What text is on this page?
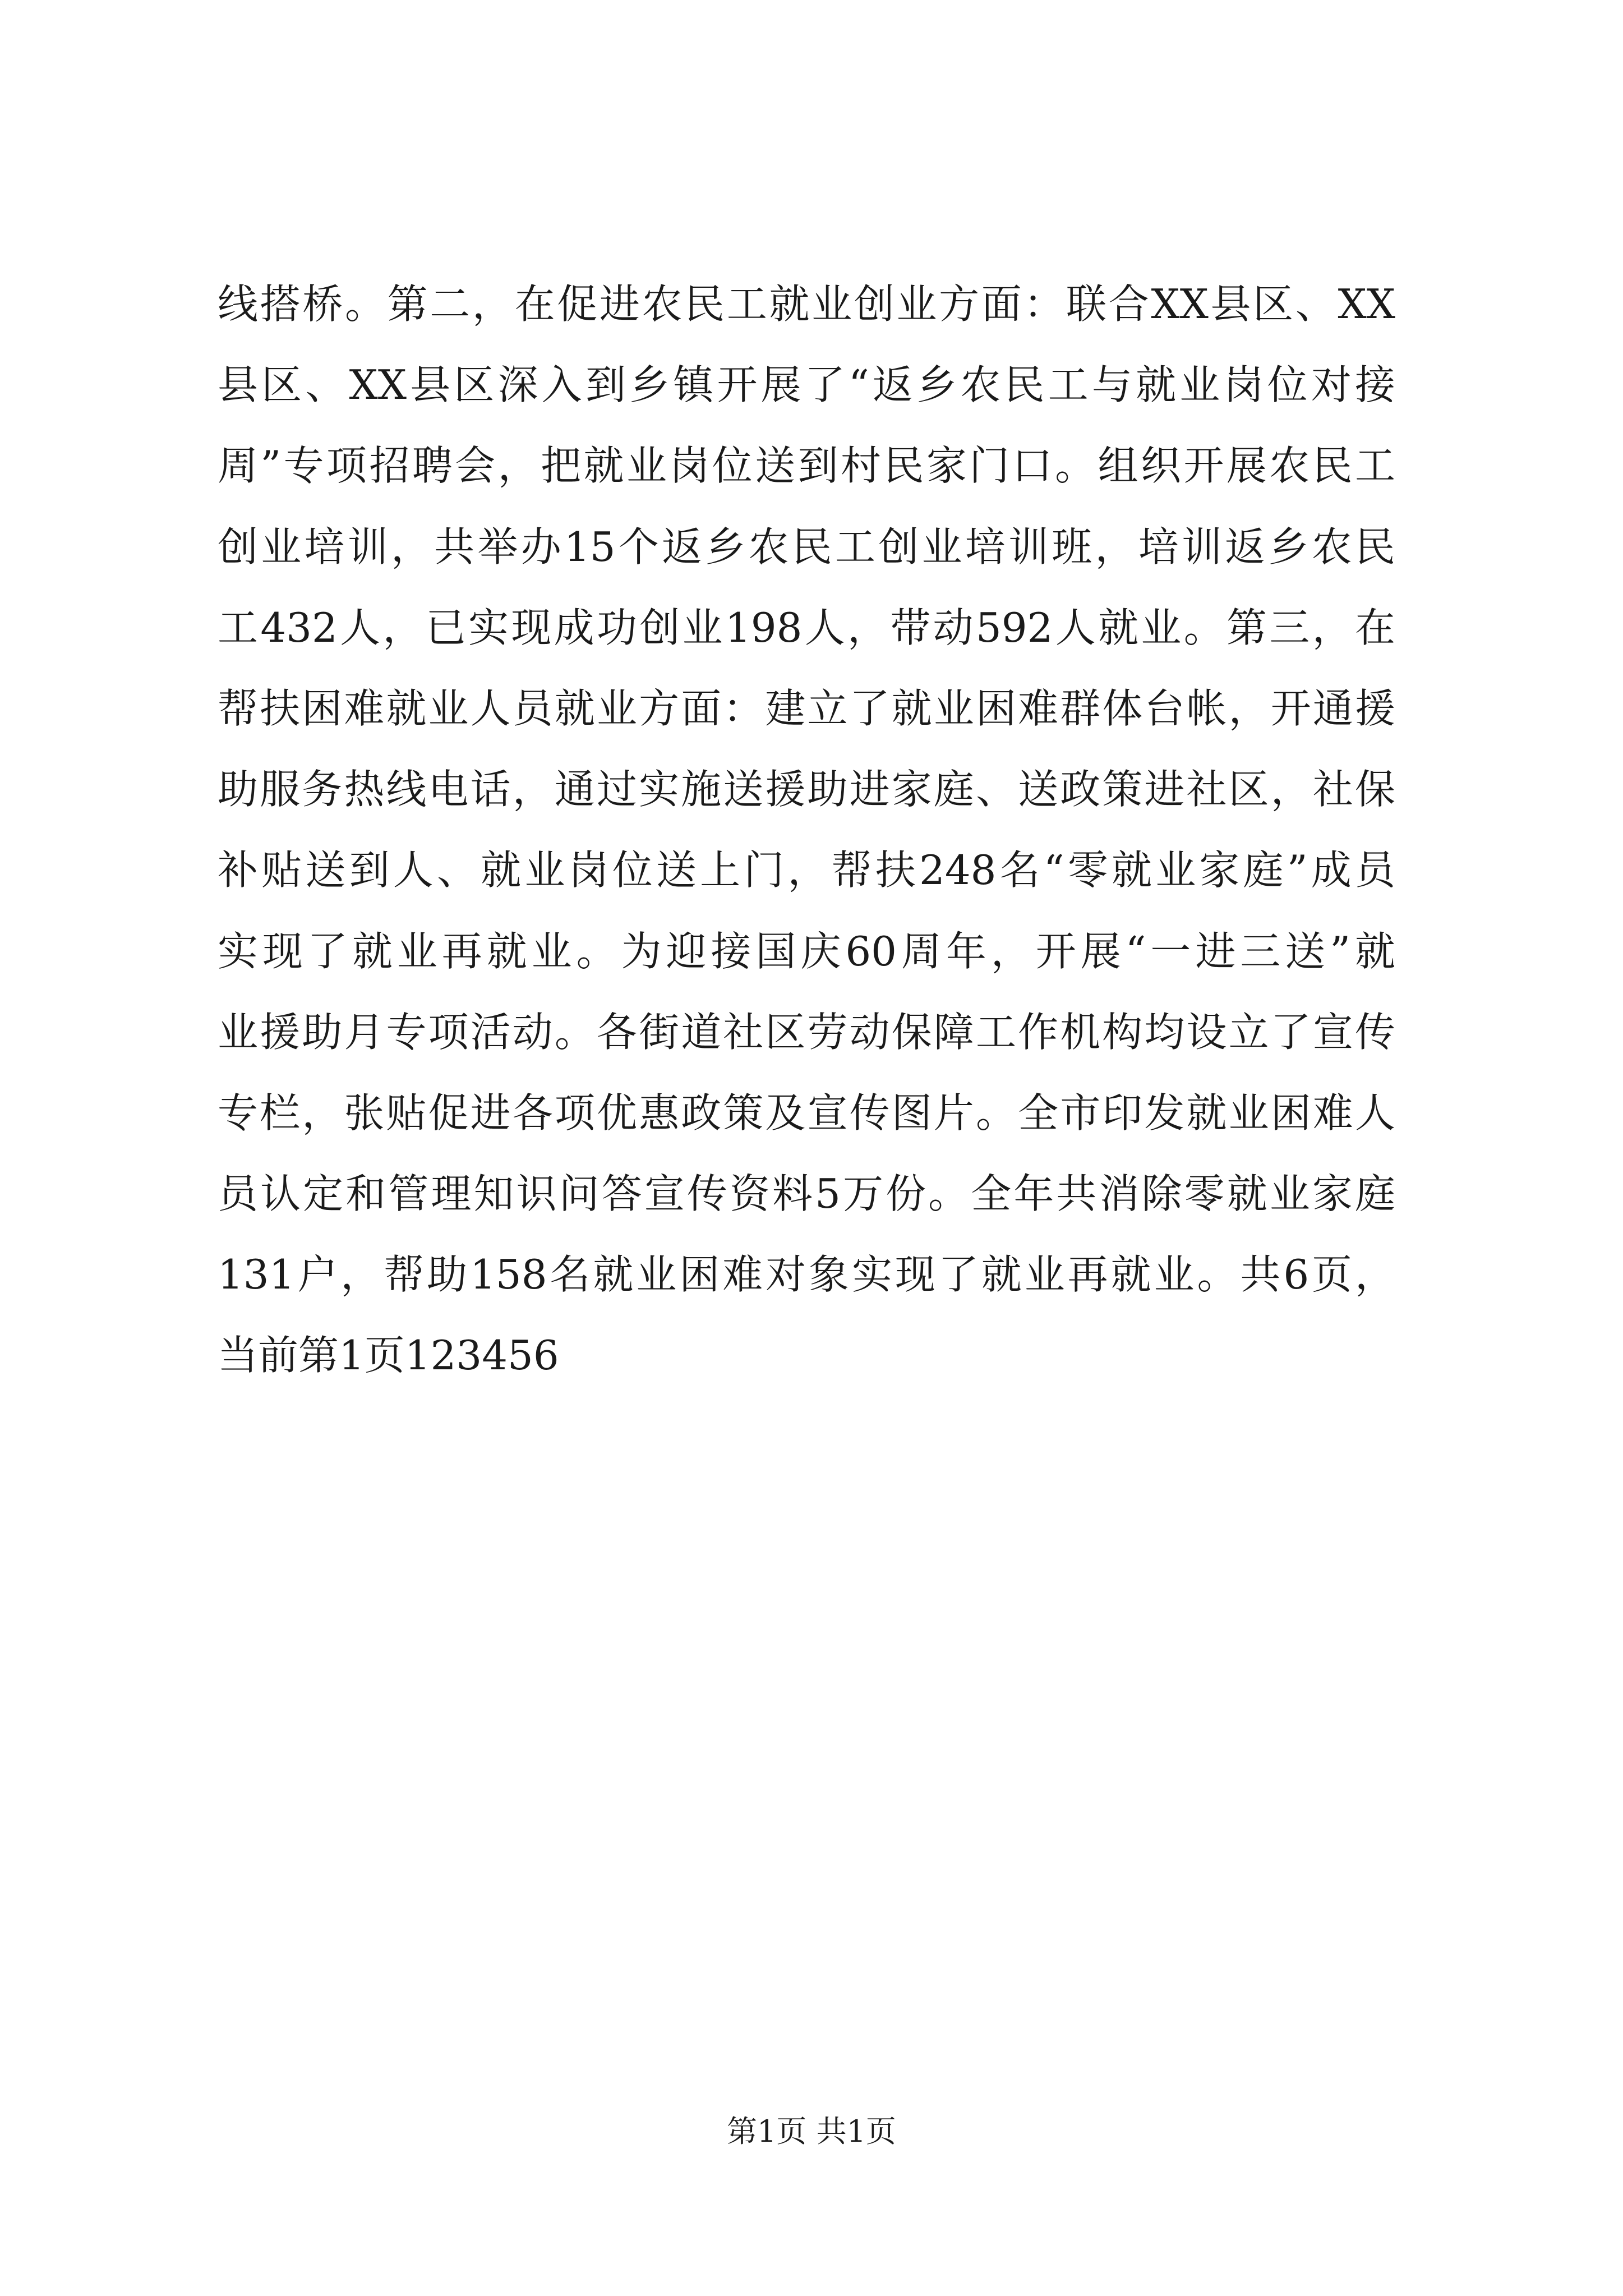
线搭桥。第二，在促进农民工就业创业方面：联合XX县区、XX
县区、XX县区深入到乡镇开展了“返乡农民工与就业岗位对接
周”专项招聘会，把就业岗位送到村民家门口。组织开展农民工
创业培训，共举办15个返乡农民工创业培训班，培训返乡农民
工432人，已实现成功创业198人，带动592人就业。第三，在
帮扶困难就业人员就业方面：建立了就业困难群体台帐，开通援
助服务热线电话，通过实施送援助进家庭、送政策进社区，社保
补贴送到人、就业岗位送上门，帮扶248名“零就业家庭”成员
实现了就业再就业。为迎接国庆60周年，开展“一进三送”就
业援助月专项活动。各街道社区劳动保障工作机构均设立了宣传
专栏，张贴促进各项优惠政策及宣传图片。全市印发就业困难人
员认定和管理知识问答宣传资料5万份。全年共消除零就业家庭
131户，帮助158名就业困难对象实现了就业再就业。共6页，
当前第1页123456
第1页 共1页
